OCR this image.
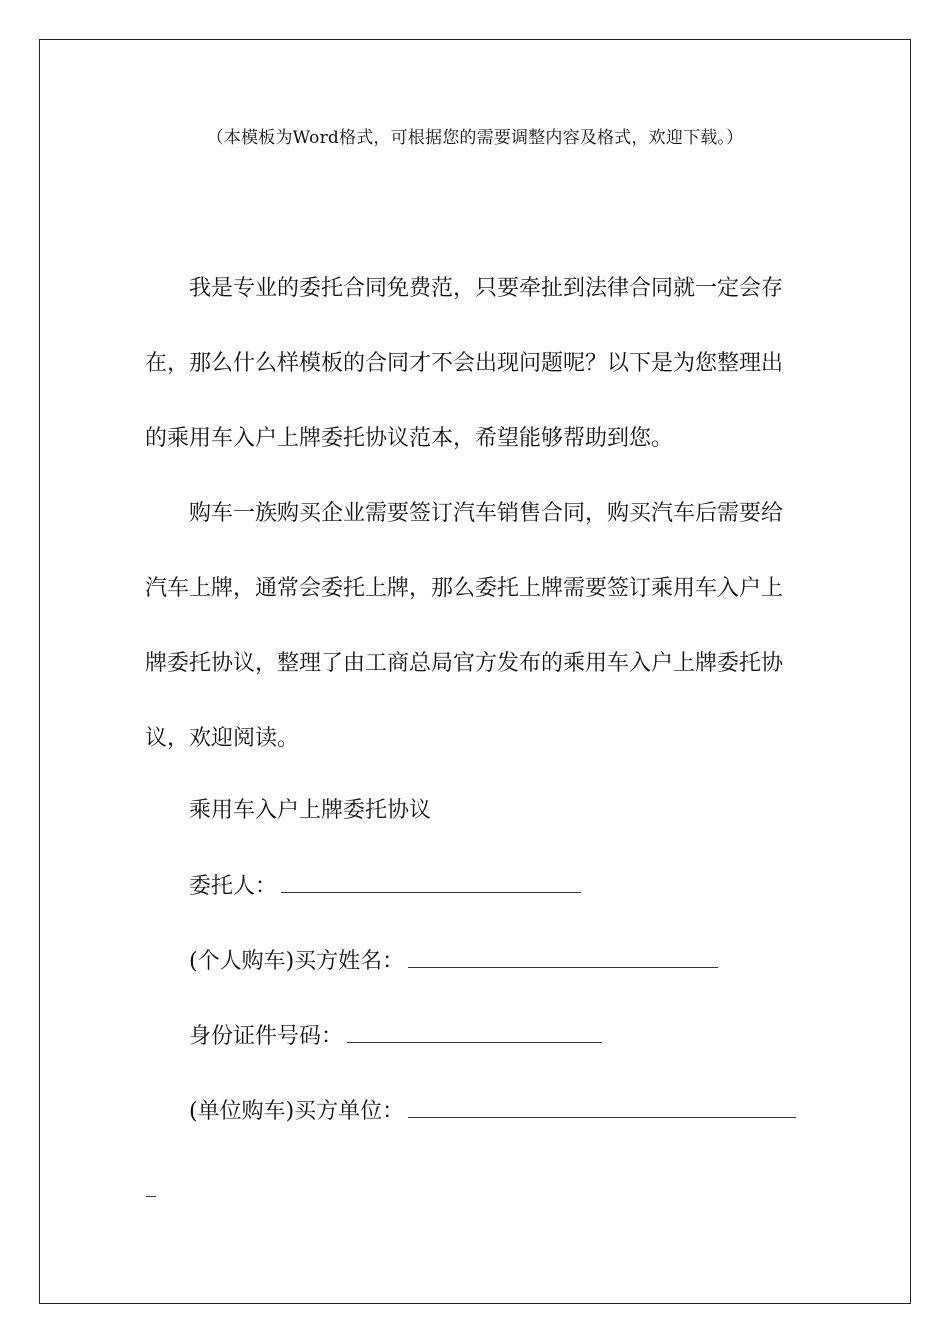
（本模板为Word格式，可根据您的需要调整内容及格式，欢迎下载。）
我是专业的委托合同免费范，只要牵扯到法律合同就一定会存
在，那么什么样模板的合同才不会出现问题呢？以下是为您整理出
的乘用车入户上牌委托协议范本，希望能够帮助到您。
购车一族购买企业需要签订汽车销售合同，购买汽车后需要给
汽车上牌，通常会委托上牌，那么委托上牌需要签订乘用车入户上
牌委托协议，整理了由工商总局官方发布的乘用车入户上牌委托协
议，欢迎阅读。
乘用车入户上牌委托协议
委托人：
(个人购车)买方姓名：
身份证件号码：
(单位购车)买方单位：
